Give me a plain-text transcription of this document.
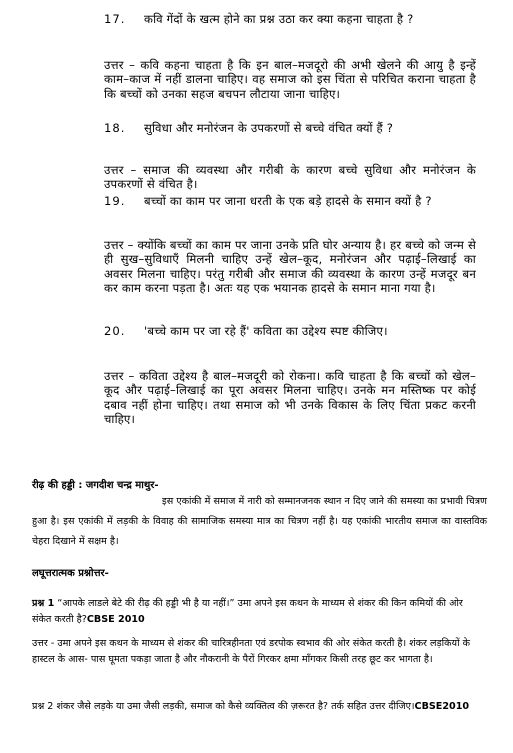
17. कवि गेंदों के खत्म होने का प्रश्न उठा कर क्या कहना चाहता है ?

उत्तर – कवि कहना चाहता है कि इन बाल–मजदूरो की अभी खेलने की आयु है इन्हें काम–काज में नहीं डालना चाहिए। वह समाज को इस चिंता से परिचित कराना चाहता है कि बच्चों को उनका सहज बचपन लौटाया जाना चाहिए।

18. सुविधा और मनोरंजन के उपकरणों से बच्चे वंचित क्यों हैं ?

उत्तर – समाज की व्यवस्था और गरीबी के कारण बच्चे सुविधा और मनोरंजन के उपकरणों से वंचित है।

19. बच्चों का काम पर जाना धरती के एक बड़े हादसे के समान क्यों है ?

उत्तर – क्योंकि बच्चों का काम पर जाना उनके प्रति घोर अन्याय है। हर बच्चे को जन्म से ही सुख–सुविधाएँ मिलनी चाहिए उन्हें खेल–कूद, मनोरंजन और पढ़ाई–लिखाई का अवसर मिलना चाहिए। परंतु गरीबी और समाज की व्यवस्था के कारण उन्हें मजदूर बन कर काम करना पड़ता है। अतः यह एक भयानक हादसे के समान माना गया है।

20. 'बच्चे काम पर जा रहे हैं' कविता का उद्देश्य स्पष्ट कीजिए।

उत्तर – कविता उद्देश्य है बाल–मजदूरी को रोकना। कवि चाहता है कि बच्चों को खेल–कूद और पढ़ाई–लिखाई का पूरा अवसर मिलना चाहिए। उनके मन मस्तिष्क पर कोई दबाव नहीं होना चाहिए। तथा समाज को भी उनके विकास के लिए चिंता प्रकट करनी चाहिए।

रीढ़ की हड्डी : जगदीश चन्द्र माथुर-

इस एकांकी में समाज में नारी को सम्मानजनक स्थान न दिए जाने की समस्या का प्रभावी चित्रण हुआ है। इस एकांकी में लड़की के विवाह की सामाजिक समस्या मात्र का चित्रण नहीं है। यह एकांकी भारतीय समाज का वास्तविक चेहरा दिखाने में सक्षम है।

लघूत्तरात्मक प्रश्नोत्तर-

प्रश्न 1 “आपके लाडले बेटे की रीढ़ की हड्डी भी है या नहीं।” उमा अपने इस कथन के माध्यम से शंकर की किन कमियों की ओर संकेत करती है?CBSE 2010

उत्तर - उमा अपने इस कथन के माध्यम से शंकर की चारित्रहीनता एवं डरपोक स्वभाव की ओर संकेत करती है। शंकर लड़कियों के हास्टल के आस- पास घूमता पकड़ा जाता है और नौकरानी के पैरों गिरकर क्षमा माँगकर किसी तरह छूट कर भागता है।

प्रश्न 2 शंकर जैसे लड़के या उमा जैसी लड़की, समाज को कैसे व्यक्तित्व की ज़रूरत है? तर्क सहित उत्तर दीजिए।CBSE2010
